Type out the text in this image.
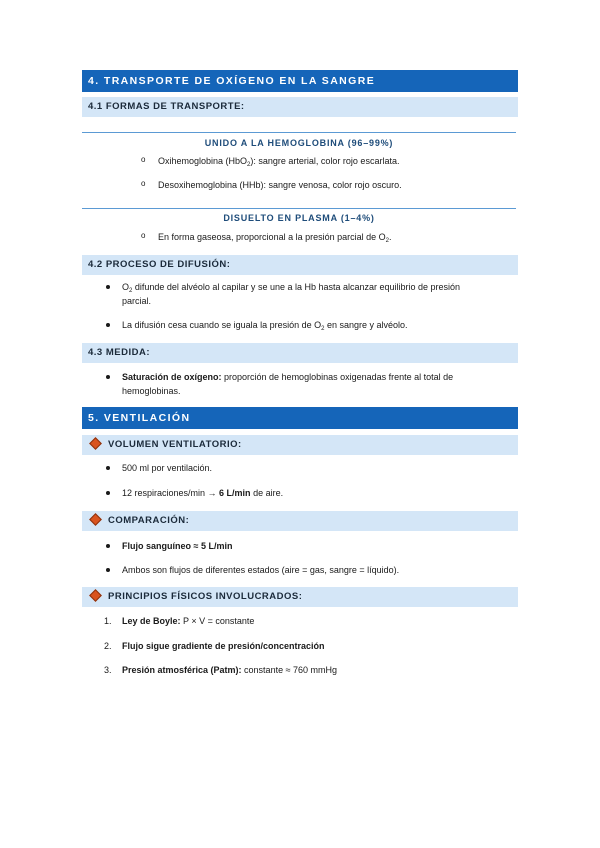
4. TRANSPORTE DE OXÍGENO EN LA SANGRE
4.1 FORMAS DE TRANSPORTE:
UNIDO A LA HEMOGLOBINA (96–99%)
o Oxihemoglobina (HbO$_2$): sangre arterial, color rojo escarlata.
o Desoxihemoglobina (HHb): sangre venosa, color rojo oscuro.
DISUELTO EN PLASMA (1–4%)
o En forma gaseosa, proporcional a la presión parcial de $O_2$.
4.2 PROCESO DE DIFUSIÓN:
$O_2$ difunde del alvéolo al capilar y se une a la Hb hasta alcanzar equilibrio de presión
parcial.
La difusión cesa cuando se iguala la presión de $O_2$ en sangre y alvéolo.
4.3 MEDIDA:
Saturación de oxígeno: proporción de hemoglobinas oxigenadas frente al total de
hemoglobinas.
5. VENTILACIÓN
VOLUMEN VENTILATORIO:
500 ml por ventilación.
12 respiraciones/min → 6 L/min de aire.
COMPARACIÓN:
Flujo sanguíneo ≈ 5 L/min
Ambos son flujos de diferentes estados (aire = gas, sangre = líquido).
PRINCIPIOS FÍSICOS INVOLUCRADOS:
1. Ley de Boyle: P × V = constante
2. Flujo sigue gradiente de presión/concentración
3. Presión atmosférica (Patm): constante ≈ 760 mmHg
